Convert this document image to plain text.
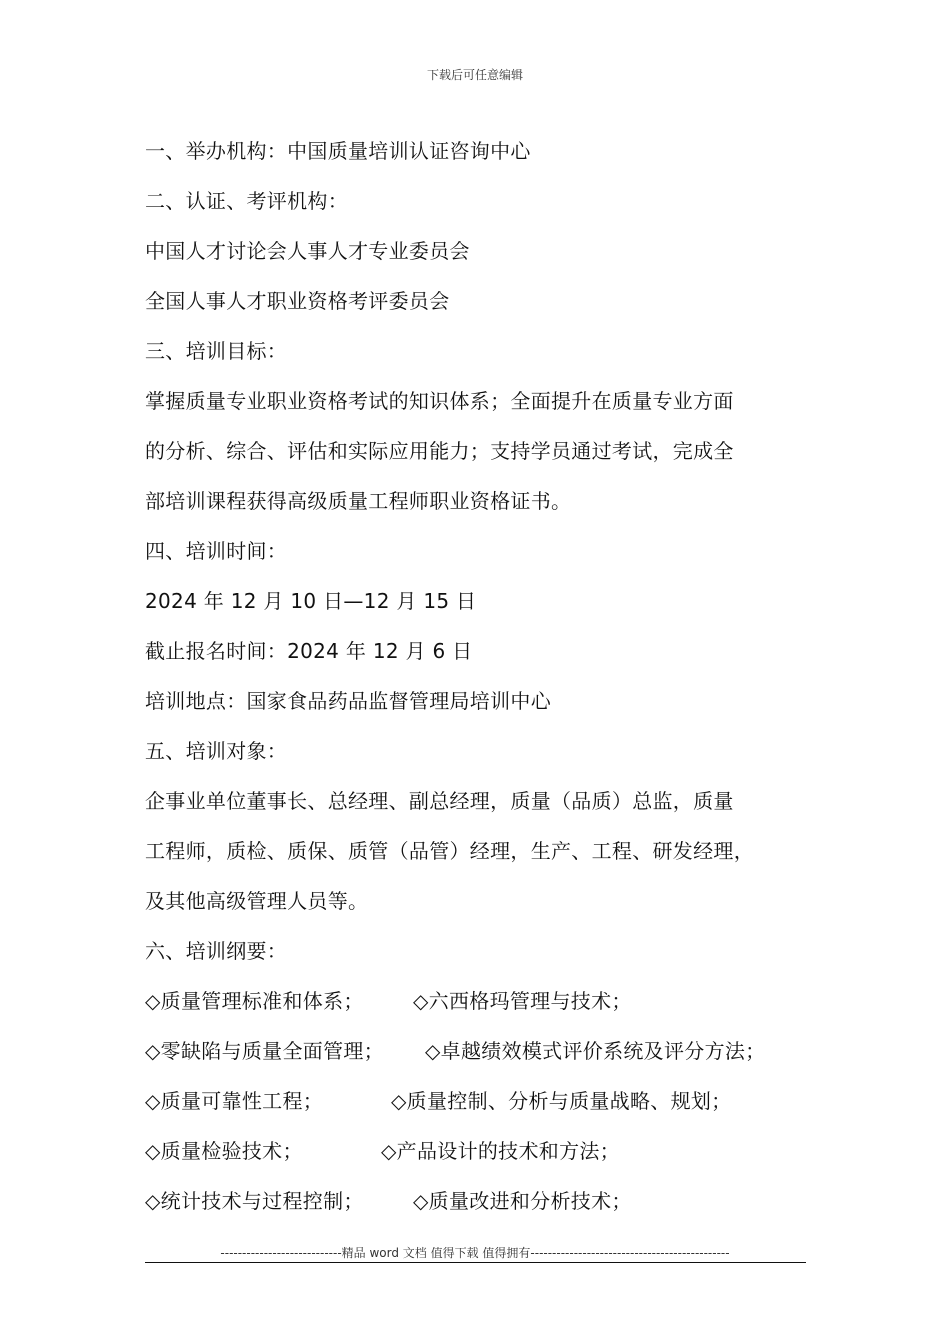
下载后可任意编辑
一、举办机构：中国质量培训认证咨询中心
二、认证、考评机构：
中国人才讨论会人事人才专业委员会
全国人事人才职业资格考评委员会
三、培训目标：
掌握质量专业职业资格考试的知识体系；全面提升在质量专业方面
的分析、综合、评估和实际应用能力；支持学员通过考试，完成全
部培训课程获得高级质量工程师职业资格证书。
四、培训时间：
2024 年 12 月 10 日—12 月 15 日
截止报名时间：2024 年 12 月 6 日
培训地点：国家食品药品监督管理局培训中心
五、培训对象：
企事业单位董事长、总经理、副总经理，质量（品质）总监，质量
工程师，质检、质保、质管（品管）经理，生产、工程、研发经理，
及其他高级管理人员等。
六、培训纲要：
◇质量管理标准和体系；	◇六西格玛管理与技术；
◇零缺陷与质量全面管理；	◇卓越绩效模式评价系统及评分方法；
◇质量可靠性工程；	◇质量控制、分析与质量战略、规划；
◇质量检验技术；	◇产品设计的技术和方法；
◇统计技术与过程控制；	◇质量改进和分析技术；
----------------------------精品 word 文档 值得下载 值得拥有----------------------------------------------
